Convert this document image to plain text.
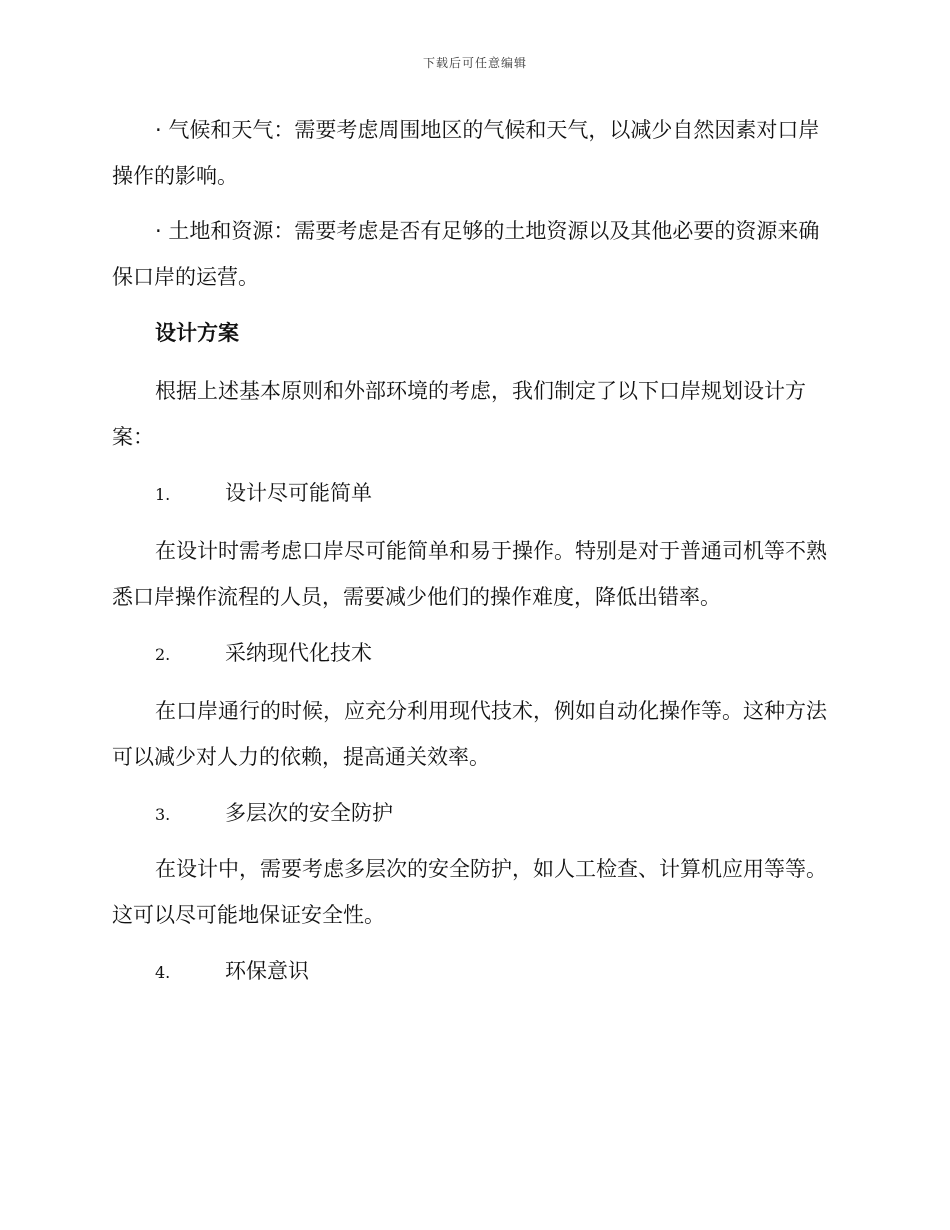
下载后可任意编辑

· 气候和天气：需要考虑周围地区的气候和天气，以减少自然因素对口岸操作的影响。

· 土地和资源：需要考虑是否有足够的土地资源以及其他必要的资源来确保口岸的运营。

设计方案

根据上述基本原则和外部环境的考虑，我们制定了以下口岸规划设计方案：

1.	设计尽可能简单

在设计时需考虑口岸尽可能简单和易于操作。特别是对于普通司机等不熟悉口岸操作流程的人员，需要减少他们的操作难度，降低出错率。

2.	采纳现代化技术

在口岸通行的时候，应充分利用现代技术，例如自动化操作等。这种方法可以减少对人力的依赖，提高通关效率。

3.	多层次的安全防护

在设计中，需要考虑多层次的安全防护，如人工检查、计算机应用等等。这可以尽可能地保证安全性。

4.	环保意识
